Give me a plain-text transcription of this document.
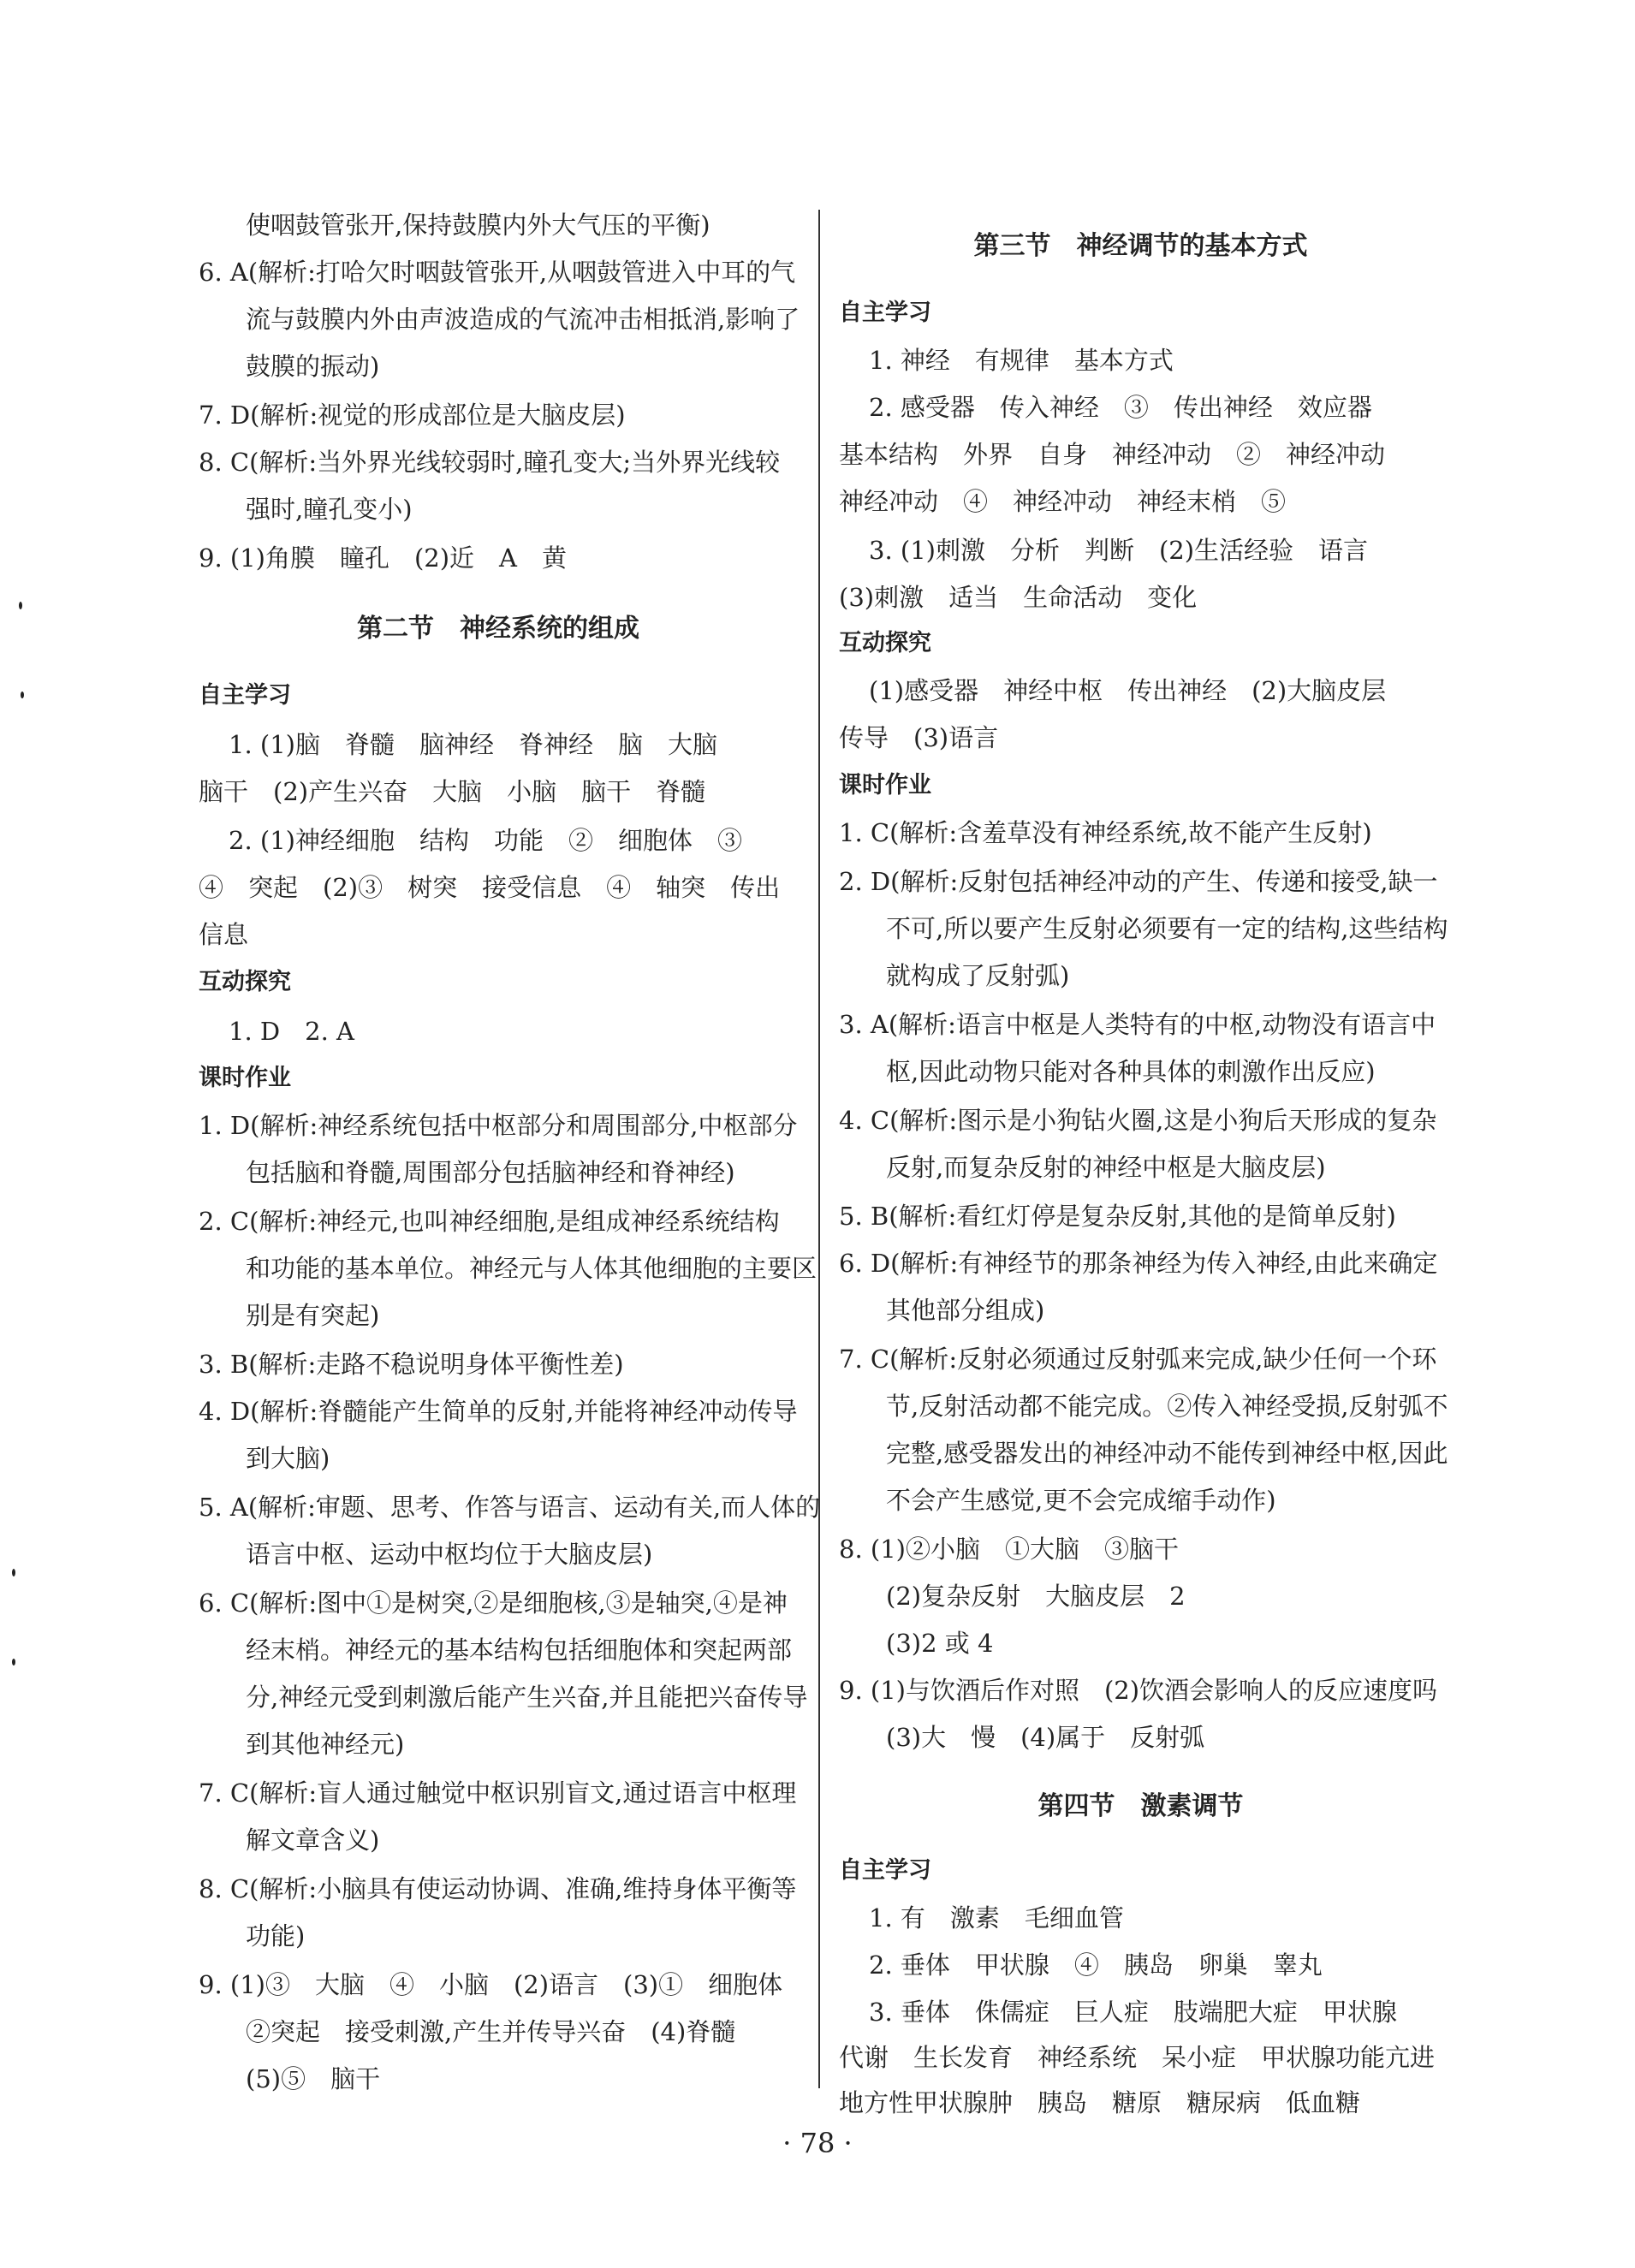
使咽鼓管张开,保持鼓膜内外大气压的平衡)
6. A(解析:打哈欠时咽鼓管张开,从咽鼓管进入中耳的气
流与鼓膜内外由声波造成的气流冲击相抵消,影响了
鼓膜的振动)
7. D(解析:视觉的形成部位是大脑皮层)
8. C(解析:当外界光线较弱时,瞳孔变大;当外界光线较
强时,瞳孔变小)
9. (1)角膜　瞳孔　(2)近　A　黄
第二节　神经系统的组成
自主学习
1. (1)脑　脊髓　脑神经　脊神经　脑　大脑
脑干　(2)产生兴奋　大脑　小脑　脑干　脊髓
2. (1)神经细胞　结构　功能　②　细胞体　③
④　突起　(2)③　树突　接受信息　④　轴突　传出
信息
互动探究
1. D　2. A
课时作业
1. D(解析:神经系统包括中枢部分和周围部分,中枢部分
包括脑和脊髓,周围部分包括脑神经和脊神经)
2. C(解析:神经元,也叫神经细胞,是组成神经系统结构
和功能的基本单位。神经元与人体其他细胞的主要区
别是有突起)
3. B(解析:走路不稳说明身体平衡性差)
4. D(解析:脊髓能产生简单的反射,并能将神经冲动传导
到大脑)
5. A(解析:审题、思考、作答与语言、运动有关,而人体的
语言中枢、运动中枢均位于大脑皮层)
6. C(解析:图中①是树突,②是细胞核,③是轴突,④是神
经末梢。神经元的基本结构包括细胞体和突起两部
分,神经元受到刺激后能产生兴奋,并且能把兴奋传导
到其他神经元)
7. C(解析:盲人通过触觉中枢识别盲文,通过语言中枢理
解文章含义)
8. C(解析:小脑具有使运动协调、准确,维持身体平衡等
功能)
9. (1)③　大脑　④　小脑　(2)语言　(3)①　细胞体
②突起　接受刺激,产生并传导兴奋　(4)脊髓
(5)⑤　脑干
第三节　神经调节的基本方式
自主学习
1. 神经　有规律　基本方式
2. 感受器　传入神经　③　传出神经　效应器
基本结构　外界　自身　神经冲动　②　神经冲动
神经冲动　④　神经冲动　神经末梢　⑤
3. (1)刺激　分析　判断　(2)生活经验　语言
(3)刺激　适当　生命活动　变化
互动探究
(1)感受器　神经中枢　传出神经　(2)大脑皮层
传导　(3)语言
课时作业
1. C(解析:含羞草没有神经系统,故不能产生反射)
2. D(解析:反射包括神经冲动的产生、传递和接受,缺一
不可,所以要产生反射必须要有一定的结构,这些结构
就构成了反射弧)
3. A(解析:语言中枢是人类特有的中枢,动物没有语言中
枢,因此动物只能对各种具体的刺激作出反应)
4. C(解析:图示是小狗钻火圈,这是小狗后天形成的复杂
反射,而复杂反射的神经中枢是大脑皮层)
5. B(解析:看红灯停是复杂反射,其他的是简单反射)
6. D(解析:有神经节的那条神经为传入神经,由此来确定
其他部分组成)
7. C(解析:反射必须通过反射弧来完成,缺少任何一个环
节,反射活动都不能完成。②传入神经受损,反射弧不
完整,感受器发出的神经冲动不能传到神经中枢,因此
不会产生感觉,更不会完成缩手动作)
8. (1)②小脑　①大脑　③脑干
(2)复杂反射　大脑皮层　2
(3)2 或 4
9. (1)与饮酒后作对照　(2)饮酒会影响人的反应速度吗
(3)大　慢　(4)属于　反射弧
第四节　激素调节
自主学习
1. 有　激素　毛细血管
2. 垂体　甲状腺　④　胰岛　卵巢　睾丸
3. 垂体　侏儒症　巨人症　肢端肥大症　甲状腺
代谢　生长发育　神经系统　呆小症　甲状腺功能亢进
地方性甲状腺肿　胰岛　糖原　糖尿病　低血糖
· 78 ·
